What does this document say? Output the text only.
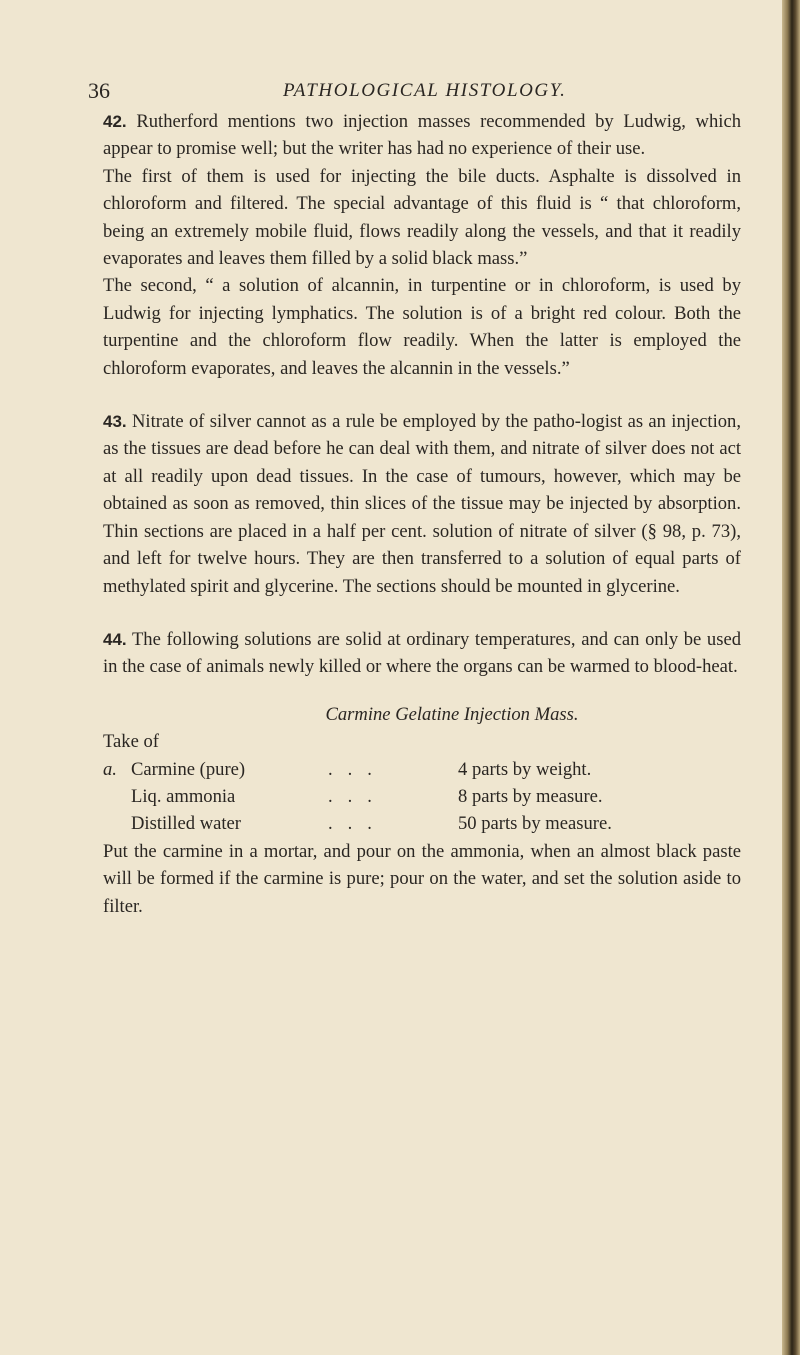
36	PATHOLOGICAL HISTOLOGY.

42. Rutherford mentions two injection masses recommended by Ludwig, which appear to promise well; but the writer has had no experience of their use.

The first of them is used for injecting the bile ducts. Asphalte is dissolved in chloroform and filtered. The special advantage of this fluid is “ that chloroform, being an extremely mobile fluid, flows readily along the vessels, and that it readily evaporates and leaves them filled by a solid black mass.”

The second, “ a solution of alcannin, in turpentine or in chloroform, is used by Ludwig for injecting lymphatics. The solution is of a bright red colour. Both the turpentine and the chloroform flow readily. When the latter is employed the chloroform evaporates, and leaves the alcannin in the vessels.”

43. Nitrate of silver cannot as a rule be employed by the patho-logist as an injection, as the tissues are dead before he can deal with them, and nitrate of silver does not act at all readily upon dead tissues. In the case of tumours, however, which may be obtained as soon as removed, thin slices of the tissue may be injected by absorption. Thin sections are placed in a half per cent. solution of nitrate of silver (§ 98, p. 73), and left for twelve hours. They are then transferred to a solution of equal parts of methylated spirit and glycerine. The sections should be mounted in glycerine.

44. The following solutions are solid at ordinary temperatures, and can only be used in the case of animals newly killed or where the organs can be warmed to blood-heat.

Carmine Gelatine Injection Mass.
Take of
a.	Carmine (pure)	...	4 parts by weight.
	Liq. ammonia	...	8 parts by measure.
	Distilled water	...	50 parts by measure.

Put the carmine in a mortar, and pour on the ammonia, when an almost black paste will be formed if the carmine is pure; pour on the water, and set the solution aside to filter.
